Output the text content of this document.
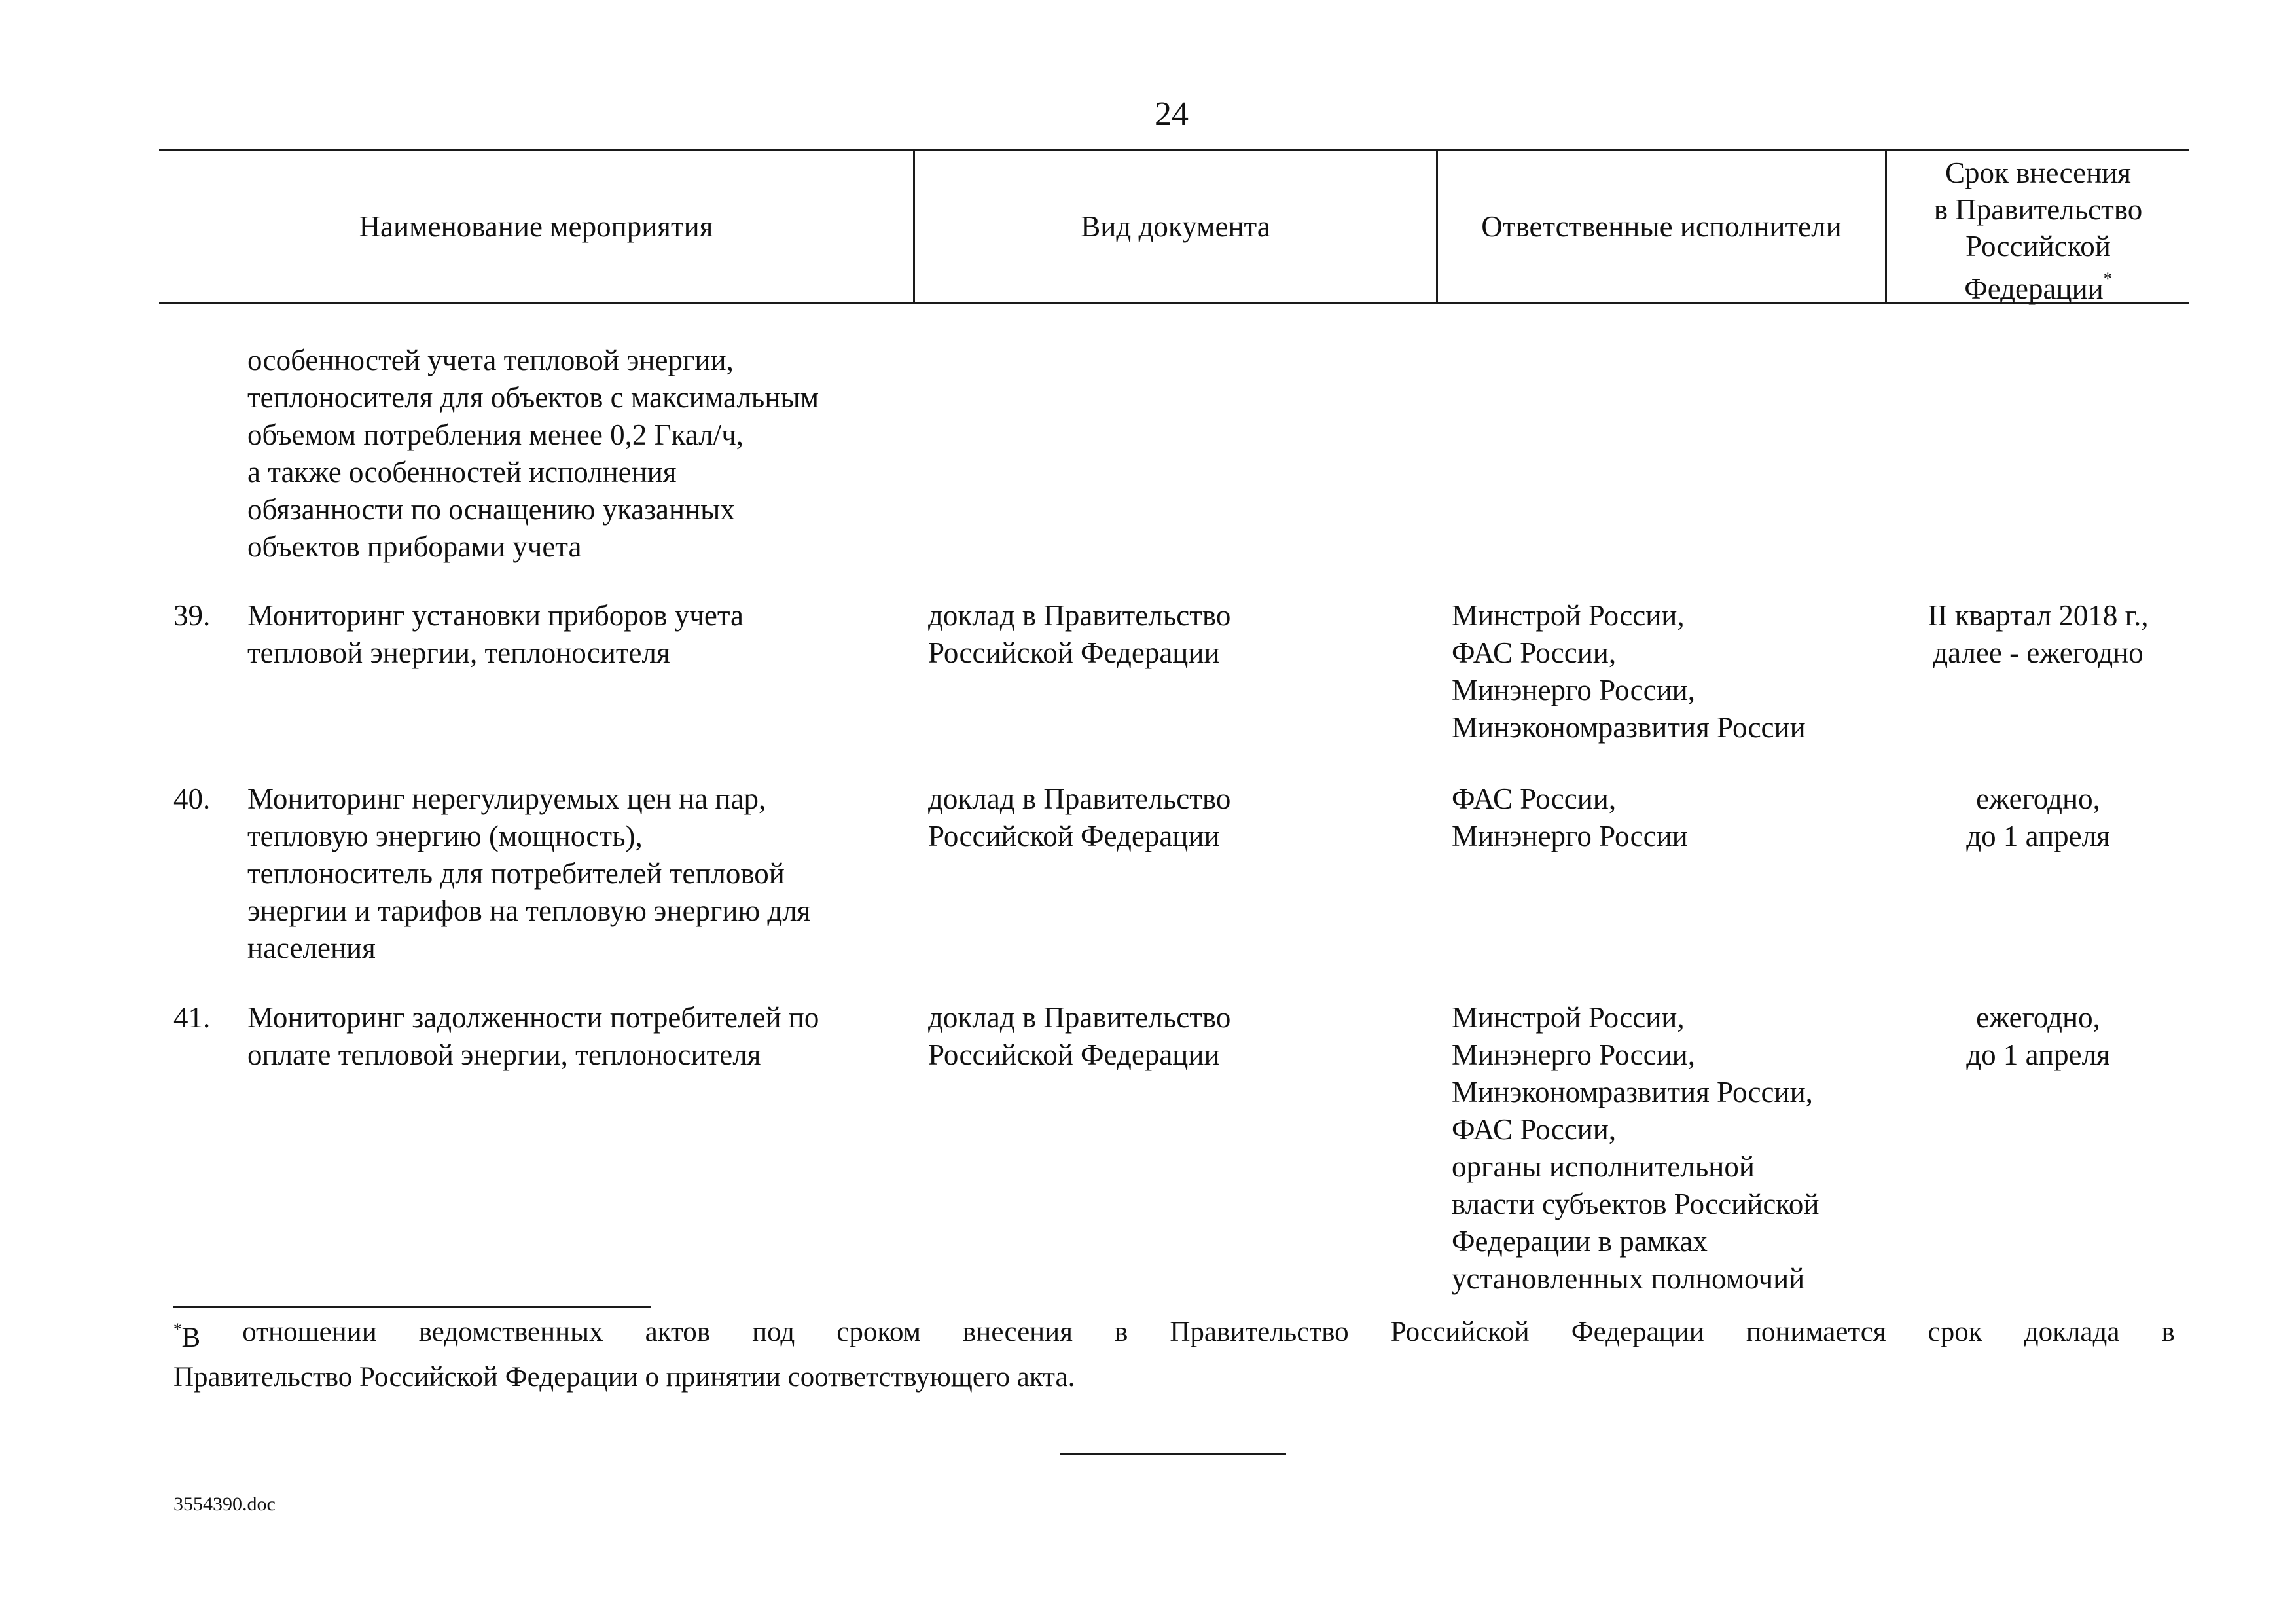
24
Наименование мероприятия	Вид документа	Ответственные исполнители
Срок внесения
в Правительство
Российской
Федерации*
особенностей учета тепловой энергии,
теплоносителя для объектов с максимальным
объемом потребления менее 0,2 Гкал/ч,
а также особенностей исполнения
обязанности по оснащению указанных
объектов приборами учета
39. Мониторинг установки приборов учета
тепловой энергии, теплоносителя
доклад в Правительство
Российской Федерации
Минстрой России,
ФАС России,
Минэнерго России,
Минэкономразвития России
II квартал 2018 г.,
далее - ежегодно
40. Мониторинг нерегулируемых цен на пар,
тепловую энергию (мощность),
теплоноситель для потребителей тепловой
энергии и тарифов на тепловую энергию для
населения
доклад в Правительство
Российской Федерации
ФАС России,
Минэнерго России
ежегодно,
до 1 апреля
41. Мониторинг задолженности потребителей по
оплате тепловой энергии, теплоносителя
доклад в Правительство
Российской Федерации
Минстрой России,
Минэнерго России,
Минэкономразвития России,
ФАС России,
органы исполнительной
власти субъектов Российской
Федерации в рамках
установленных полномочий
ежегодно,
до 1 апреля
*В отношении ведомственных актов под сроком внесения в Правительство Российской Федерации понимается срок доклада в
Правительство Российской Федерации о принятии соответствующего акта.
3554390.doc
